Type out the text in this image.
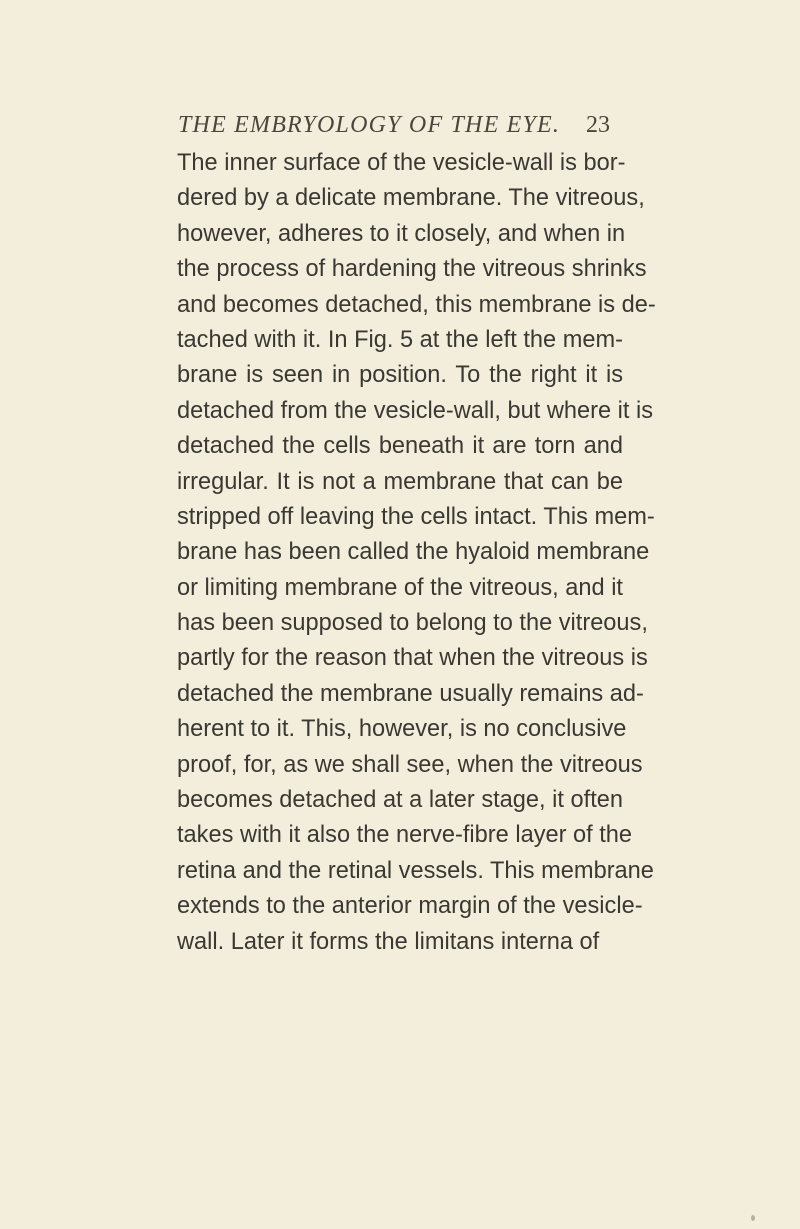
THE EMBRYOLOGY OF THE EYE. 23
The inner surface of the vesicle-wall is bor-
dered by a delicate membrane. The vitreous,
however, adheres to it closely, and when in
the process of hardening the vitreous shrinks
and becomes detached, this membrane is de-
tached with it. In Fig. 5 at the left the mem-
brane is seen in position. To the right it is
detached from the vesicle-wall, but where it is
detached the cells beneath it are torn and
irregular. It is not a membrane that can be
stripped off leaving the cells intact. This mem-
brane has been called the hyaloid membrane
or limiting membrane of the vitreous, and it
has been supposed to belong to the vitreous,
partly for the reason that when the vitreous is
detached the membrane usually remains ad-
herent to it. This, however, is no conclusive
proof, for, as we shall see, when the vitreous
becomes detached at a later stage, it often
takes with it also the nerve-fibre layer of the
retina and the retinal vessels. This membrane
extends to the anterior margin of the vesicle-
wall. Later it forms the limitans interna of
